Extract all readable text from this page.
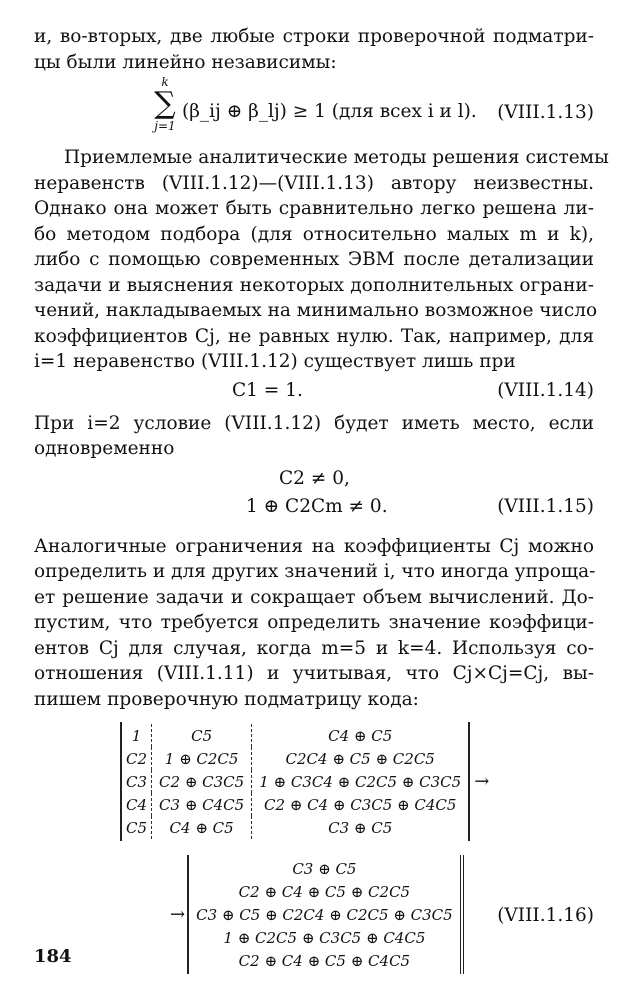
и, во-вторых, две любые строки проверочной подматри-
цы были линейно независимы:
k
∑
j=1
(β_ij ⊕ β_lj) ≥ 1 (для всех i и l). (VIII.1.13)
Приемлемые аналитические методы решения системы
неравенств (VIII.1.12)—(VIII.1.13) автору неизвестны.
Однако она может быть сравнительно легко решена ли-
бо методом подбора (для относительно малых m и k),
либо с помощью современных ЭВМ после детализации
задачи и выяснения некоторых дополнительных ограни-
чений, накладываемых на минимально возможное число
коэффициентов Cj, не равных нулю. Так, например, для
i=1 неравенство (VIII.1.12) существует лишь при
C1 = 1.	(VIII.1.14)
При i=2 условие (VIII.1.12) будет иметь место, если
одновременно
C2 ≠ 0,
1 ⊕ C2Cm ≠ 0.	(VIII.1.15)
Аналогичные ограничения на коэффициенты Cj можно
определить и для других значений i, что иногда упроща-
ет решение задачи и сокращает объем вычислений. До-
пустим, что требуется определить значение коэффици-
ентов Cj для случая, когда m=5 и k=4. Используя со-
отношения (VIII.1.11) и учитывая, что Cj×Cj=Cj, вы-
пишем проверочную подматрицу кода:
1	C5	C4 ⊕ C5
C2	1 ⊕ C2C5	C2C4 ⊕ C5 ⊕ C2C5
C3	C2 ⊕ C3C5	1 ⊕ C3C4 ⊕ C2C5 ⊕ C3C5
C4	C3 ⊕ C4C5	C2 ⊕ C4 ⊕ C3C5 ⊕ C4C5
C5	C4 ⊕ C5	C3 ⊕ C5
→
→
C3 ⊕ C5
C2 ⊕ C4 ⊕ C5 ⊕ C2C5
C3 ⊕ C5 ⊕ C2C4 ⊕ C2C5 ⊕ C3C5
1 ⊕ C2C5 ⊕ C3C5 ⊕ C4C5
C2 ⊕ C4 ⊕ C5 ⊕ C4C5
(VIII.1.16)
184
